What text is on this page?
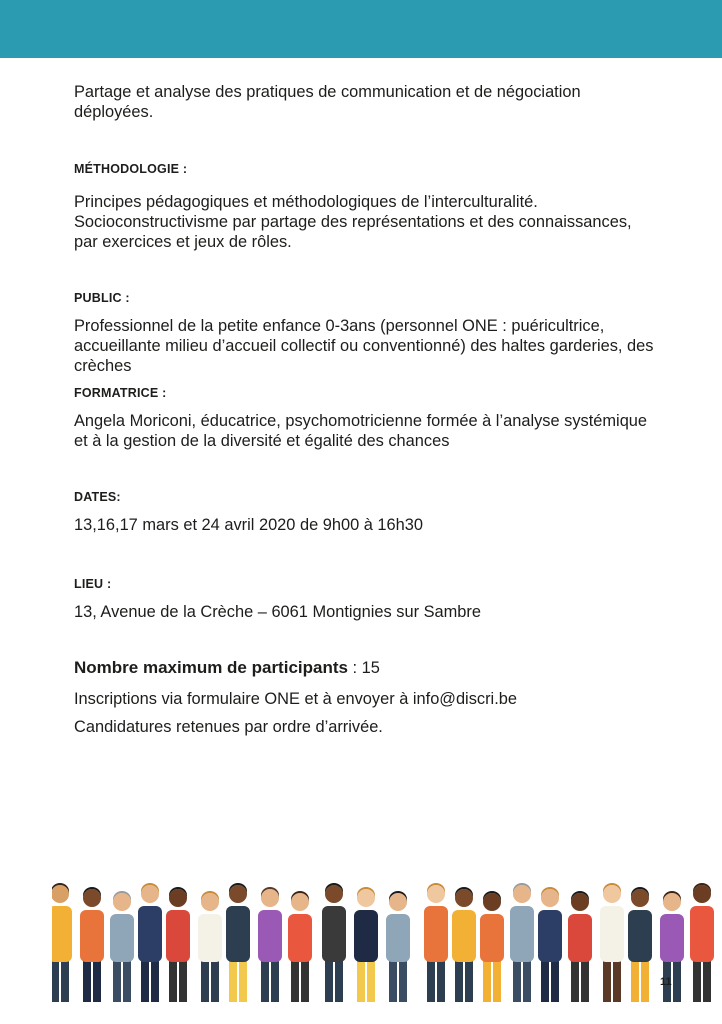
Partage et analyse des pratiques de communication et de négociation déployées.

MÉTHODOLOGIE :

Principes pédagogiques et méthodologiques de l’interculturalité. Socioconstructivisme par partage des représentations et des connaissances, par exercices et jeux de rôles.

PUBLIC :

Professionnel de la petite enfance 0-3ans (personnel ONE : puéricultrice, accueillante milieu d’accueil collectif ou conventionné) des haltes garderies, des crèches

FORMATRICE :

Angela Moriconi, éducatrice, psychomotricienne formée à l’analyse systémique et à la gestion de la diversité et égalité des chances

DATES:

13,16,17 mars et 24 avril 2020 de 9h00 à 16h30

LIEU :

13, Avenue de la Crèche – 6061 Montignies sur Sambre

Nombre maximum de participants : 15

Inscriptions via formulaire ONE et à envoyer à info@discri.be

Candidatures retenues par ordre d’arrivée.

11
